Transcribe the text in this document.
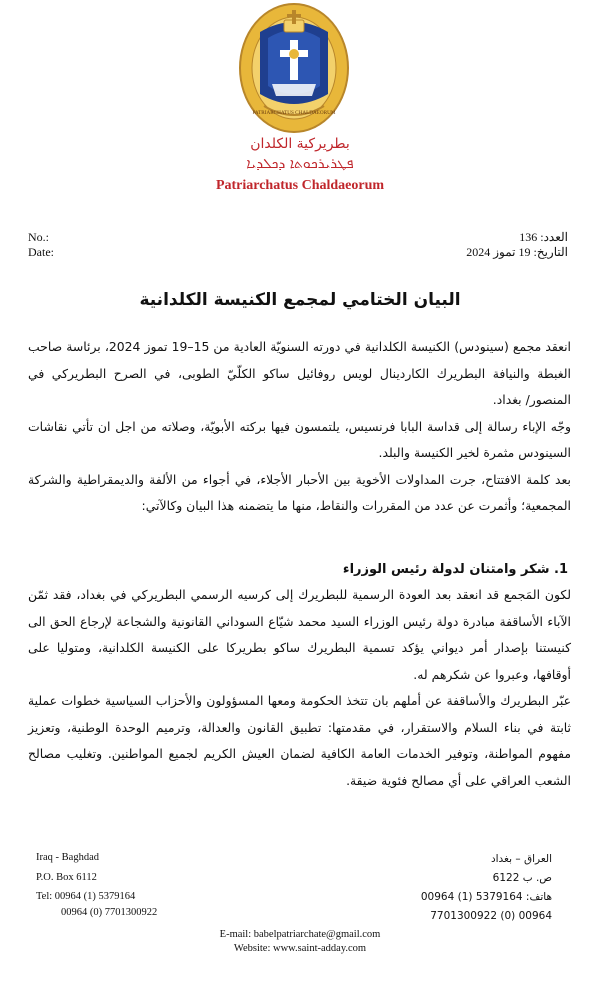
PATRIARCHATUS CHALDAEORUM
بطريركية الكلدان
ܦܛܪܝܪܟܘܬܐ ܕܟܠܕܝܐ
Patriarchatus Chaldaeorum
No.:
Date:
العدد: 136
التاريخ: 19 تموز 2024
البيان الختامي لمجمع الكنيسة الكلدانية

انعقد مجمع (سينودس) الكنيسة الكلدانية في دورته السنويّة العادية من 15–19 تموز 2024، برئاسة صاحب الغبطة والنيافة البطريرك الكاردينال لويس روفائيل ساكو الكلّيّ الطوبى، في الصرح البطريركي في المنصور/ بغداد.

وجّه الإباء رسالة إلى قداسة البابا فرنسيس، يلتمسون فيها بركته الأبويّة، وصلاته من اجل ان تأتي نقاشات السينودس مثمرة لخير الكنيسة والبلد.

بعد كلمة الافتتاح، جرت المداولات الأخوية بين الأحبار الأجلاء، في أجواء من الألفة والديمقراطية والشركة المجمعية؛ وأثمرت عن عدد من المقررات والنقاط، منها ما يتضمنه هذا البيان وكالآتي:

1. شكر وامتنان لدولة رئيس الوزراء

لكون المَجمع قد انعقد بعد العودة الرسمية للبطريرك إلى كرسيه الرسمي البطريركي في بغداد، فقد ثمّن الآباء الأساقفة مبادرة دولة رئيس الوزراء السيد محمد شيّاع السوداني القانونية والشجاعة لإرجاع الحق الى كنيستنا بإصدار أمر ديواني يؤكد تسمية البطريرك ساكو بطريركا على الكنيسة الكلدانية، ومتوليا على أوقافها، وعبروا عن شكرهم له.

عبّر البطريرك والأساقفة عن أملهم بان تتخذ الحكومة ومعها المسؤولون والأحزاب السياسية خطوات عملية ثابتة في بناء السلام والاستقرار، في مقدمتها: تطبيق القانون والعدالة، وترميم الوحدة الوطنية، وتعزيز مفهوم المواطنة، وتوفير الخدمات العامة الكافية لضمان العيش الكريم لجميع المواطنين. وتغليب مصالح الشعب العراقي على أي مصالح فئوية ضيقة.

Iraq - Baghdad
P.O. Box 6112
Tel: 00964 (1) 5379164
00964 (0) 7701300922
العراق – بغداد
ص. ب 6122
هاتف: 5379164 (1) 00964
00964 (0) 7701300922
E-mail: babelpatriarchate@gmail.com
Website: www.saint-adday.com
